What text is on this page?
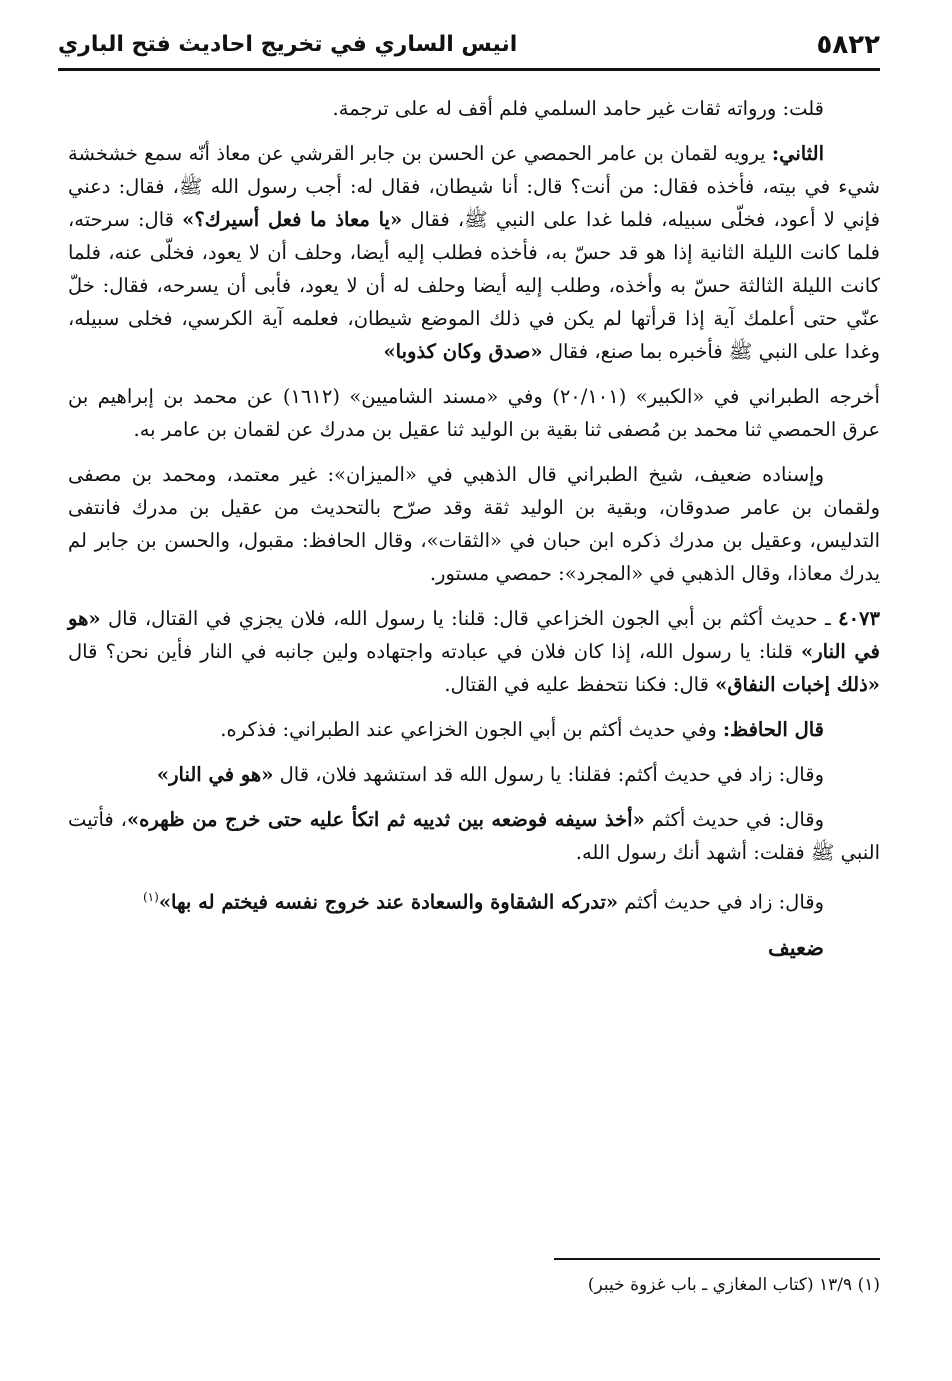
٥٨٢٢
انيس الساري في تخريج احاديث فتح الباري

قلت: ورواته ثقات غير حامد السلمي فلم أقف له على ترجمة.

الثاني: يرويه لقمان بن عامر الحمصي عن الحسن بن جابر القرشي عن معاذ أنّه سمع خشخشة شيء في بيته، فأخذه فقال: من أنت؟ قال: أنا شيطان، فقال له: أجب رسول الله ﷺ، فقال: دعني فإني لا أعود، فخلّى سبيله، فلما غدا على النبي ﷺ، فقال «يا معاذ ما فعل أسيرك؟» قال: سرحته، فلما كانت الليلة الثانية إذا هو قد حسّ به، فأخذه فطلب إليه أيضا، وحلف أن لا يعود، فخلّى عنه، فلما كانت الليلة الثالثة حسّ به وأخذه، وطلب إليه أيضا وحلف له أن لا يعود، فأبى أن يسرحه، فقال: خلّ عنّي حتى أعلمك آية إذا قرأتها لم يكن في ذلك الموضع شيطان، فعلمه آية الكرسي، فخلى سبيله، وغدا على النبي ﷺ فأخبره بما صنع، فقال «صدق وكان كذوبا»

أخرجه الطبراني في «الكبير» (٢٠/١٠١) وفي «مسند الشاميين» (١٦١٢) عن محمد بن إبراهيم بن عرق الحمصي ثنا محمد بن مُصفى ثنا بقية بن الوليد ثنا عقيل بن مدرك عن لقمان بن عامر به.

وإسناده ضعيف، شيخ الطبراني قال الذهبي في «الميزان»: غير معتمد، ومحمد بن مصفى ولقمان بن عامر صدوقان، وبقية بن الوليد ثقة وقد صرّح بالتحديث من عقيل بن مدرك فانتفى التدليس، وعقيل بن مدرك ذكره ابن حبان في «الثقات»، وقال الحافظ: مقبول، والحسن بن جابر لم يدرك معاذا، وقال الذهبي في «المجرد»: حمصي مستور.

٤٠٧٣ ـ حديث أكثم بن أبي الجون الخزاعي قال: قلنا: يا رسول الله، فلان يجزي في القتال، قال «هو في النار» قلنا: يا رسول الله، إذا كان فلان في عبادته واجتهاده ولين جانبه في النار فأين نحن؟ قال «ذلك إخبات النفاق» قال: فكنا نتحفظ عليه في القتال.

قال الحافظ: وفي حديث أكثم بن أبي الجون الخزاعي عند الطبراني: فذكره.

وقال: زاد في حديث أكثم: فقلنا: يا رسول الله قد استشهد فلان، قال «هو في النار»

وقال: في حديث أكثم «أخذ سيفه فوضعه بين ثدييه ثم اتكأ عليه حتى خرج من ظهره»، فأتيت النبي ﷺ فقلت: أشهد أنك رسول الله.

وقال: زاد في حديث أكثم «تدركه الشقاوة والسعادة عند خروج نفسه فيختم له بها»$^{(١)}$

ضعيف
(١) ١٣/٩ (كتاب المغازي ـ باب غزوة خيبر)
